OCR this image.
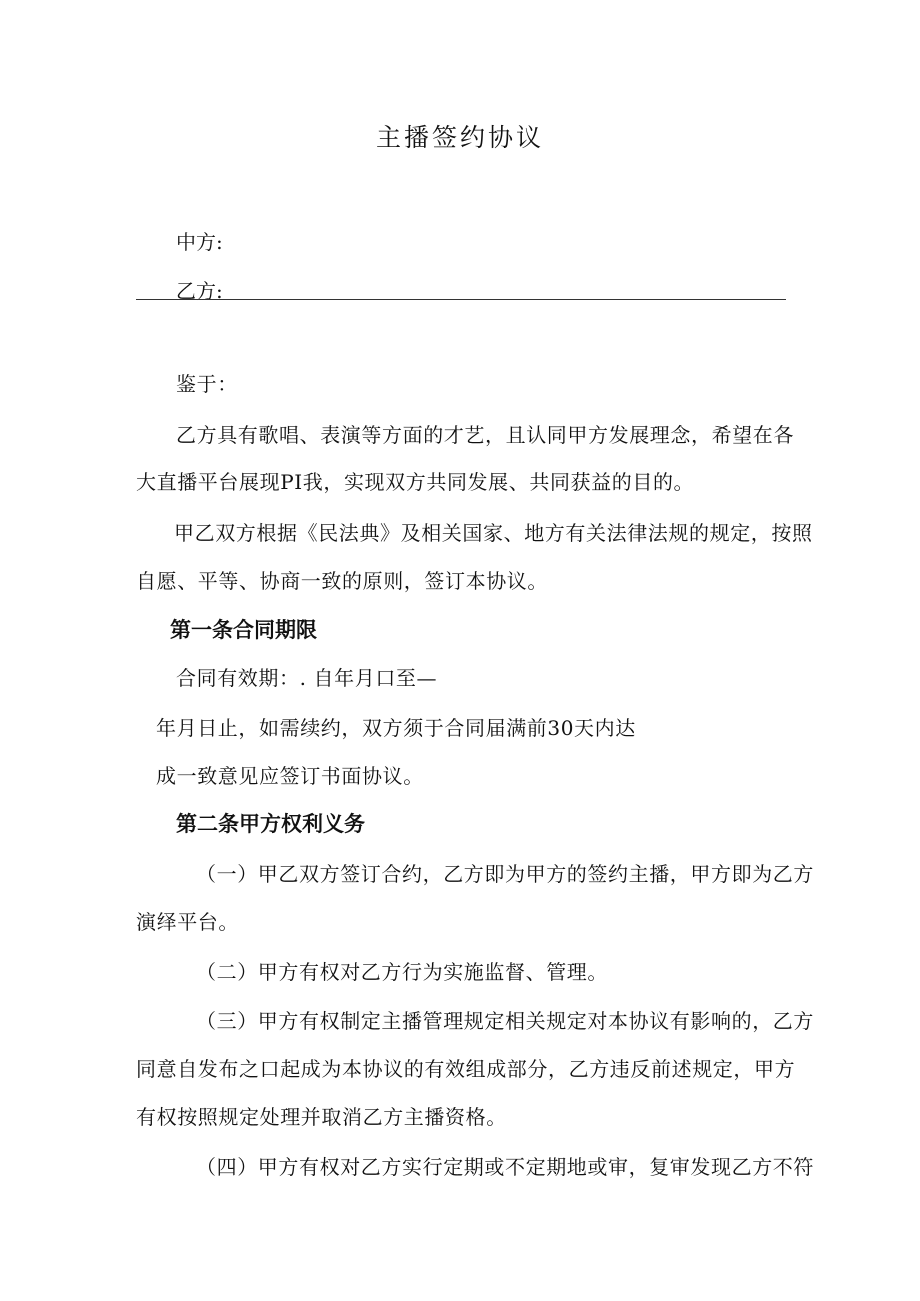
主播签约协议
中方:
乙方:
鉴于：
乙方具有歌唱、表演等方面的才艺，且认同甲方发展理念，希望在各
大直播平台展现PI我，实现双方共同发展、共同获益的目的。
甲乙双方根据《民法典》及相关国家、地方有关法律法规的规定，按照
自愿、平等、协商一致的原则，签订本协议。
第一条合同期限
合同有效期：. 自年月口至—
年月日止，如需续约，双方须于合同届满前30天内达
成一致意见应签订书面协议。
第二条甲方权利义务
（一）甲乙双方签订合约，乙方即为甲方的签约主播，甲方即为乙方
演绎平台。
（二）甲方有权对乙方行为实施监督、管理。
（三）甲方有权制定主播管理规定相关规定对本协议有影响的，乙方
同意自发布之口起成为本协议的有效组成部分，乙方违反前述规定，甲方
有权按照规定处理并取消乙方主播资格。
（四）甲方有权对乙方实行定期或不定期地或审，复审发现乙方不符
